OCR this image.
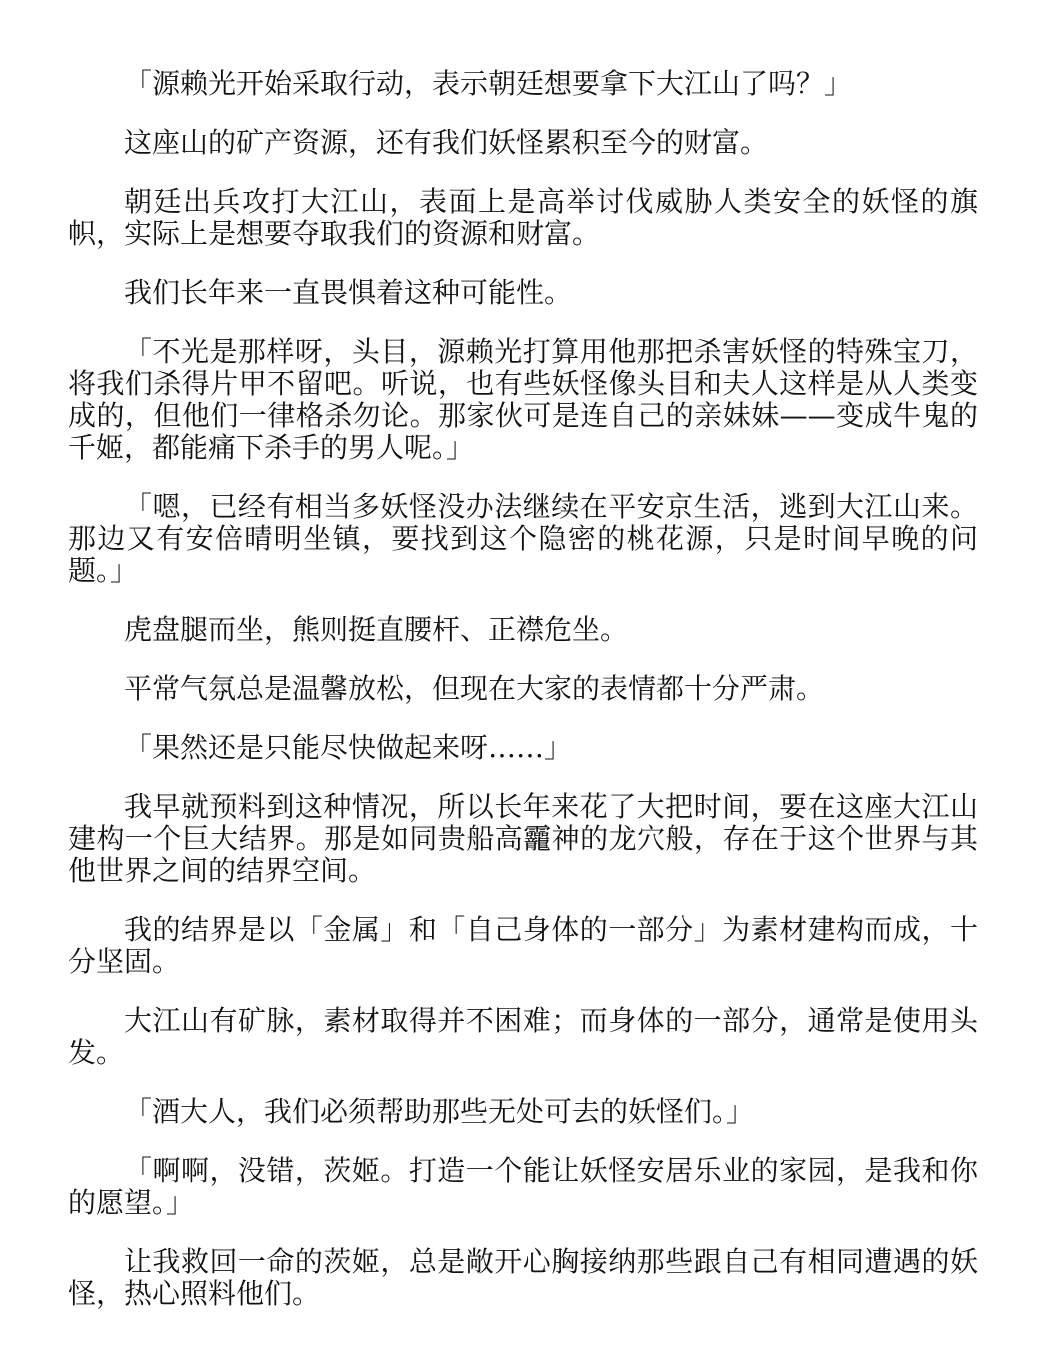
「源赖光开始采取行动，表示朝廷想要拿下大江山了吗？」

这座山的矿产资源，还有我们妖怪累积至今的财富。

朝廷出兵攻打大江山，表面上是高举讨伐威胁人类安全的妖怪的旗帜，实际上是想要夺取我们的资源和财富。

我们长年来一直畏惧着这种可能性。

「不光是那样呀，头目，源赖光打算用他那把杀害妖怪的特殊宝刀，将我们杀得片甲不留吧。听说，也有些妖怪像头目和夫人这样是从人类变成的，但他们一律格杀勿论。那家伙可是连自己的亲妹妹——变成牛鬼的千姬，都能痛下杀手的男人呢。」

「嗯，已经有相当多妖怪没办法继续在平安京生活，逃到大江山来。那边又有安倍晴明坐镇，要找到这个隐密的桃花源，只是时间早晚的问题。」

虎盘腿而坐，熊则挺直腰杆、正襟危坐。

平常气氛总是温馨放松，但现在大家的表情都十分严肃。

「果然还是只能尽快做起来呀……」

我早就预料到这种情况，所以长年来花了大把时间，要在这座大江山建构一个巨大结界。那是如同贵船高龗神的龙穴般，存在于这个世界与其他世界之间的结界空间。

我的结界是以「金属」和「自己身体的一部分」为素材建构而成，十分坚固。

大江山有矿脉，素材取得并不困难；而身体的一部分，通常是使用头发。

「酒大人，我们必须帮助那些无处可去的妖怪们。」

「啊啊，没错，茨姬。打造一个能让妖怪安居乐业的家园，是我和你的愿望。」

让我救回一命的茨姬，总是敞开心胸接纳那些跟自己有相同遭遇的妖怪，热心照料他们。
